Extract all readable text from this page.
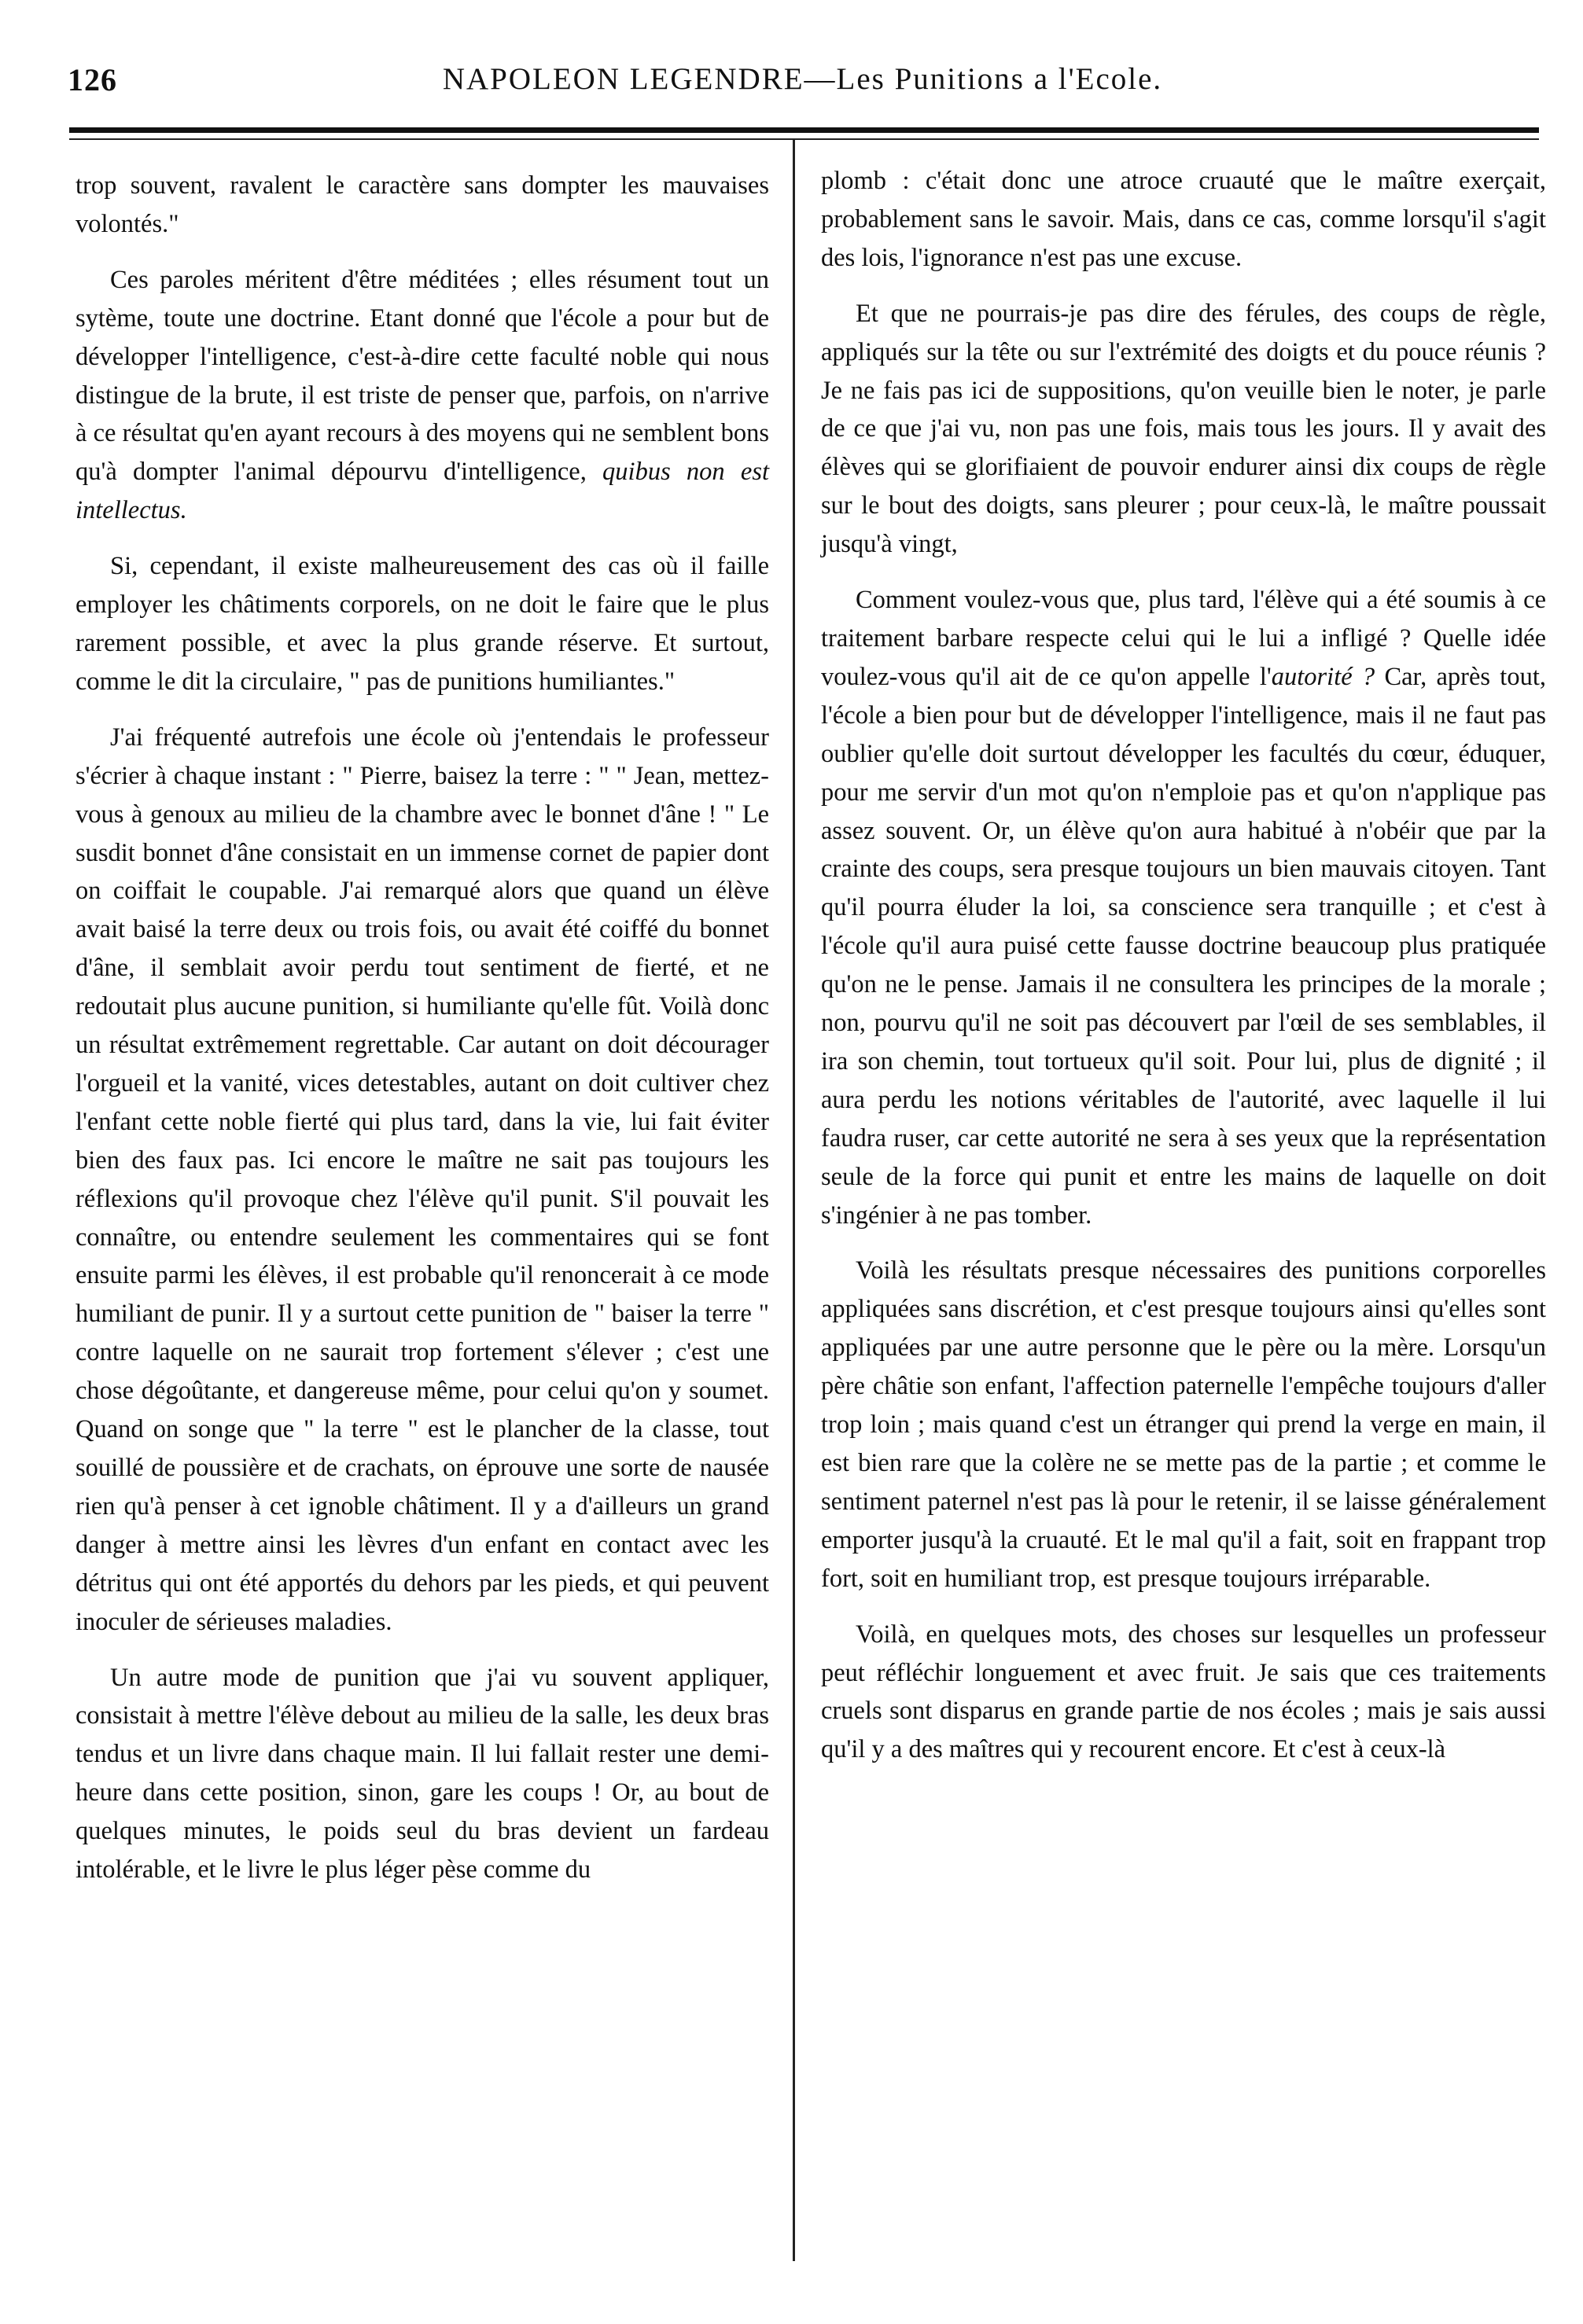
126	NAPOLEON LEGENDRE—Les Punitions a l'Ecole.

trop souvent, ravalent le caractère sans dompter les mauvaises volontés."

Ces paroles méritent d'être méditées ; elles résument tout un sytème, toute une doctrine. Etant donné que l'école a pour but de développer l'intelligence, c'est-à-dire cette faculté noble qui nous distingue de la brute, il est triste de penser que, parfois, on n'arrive à ce résultat qu'en ayant recours à des moyens qui ne semblent bons qu'à dompter l'animal dépourvu d'intelligence, quibus non est intellectus.

Si, cependant, il existe malheureusement des cas où il faille employer les châtiments corporels, on ne doit le faire que le plus rarement possible, et avec la plus grande réserve. Et surtout, comme le dit la circulaire, " pas de punitions humiliantes."

J'ai fréquenté autrefois une école où j'entendais le professeur s'écrier à chaque instant : " Pierre, baisez la terre : " " Jean, mettez-vous à genoux au milieu de la chambre avec le bonnet d'âne ! " Le susdit bonnet d'âne consistait en un immense cornet de papier dont on coiffait le coupable. J'ai remarqué alors que quand un élève avait baisé la terre deux ou trois fois, ou avait été coiffé du bonnet d'âne, il semblait avoir perdu tout sentiment de fierté, et ne redoutait plus aucune punition, si humiliante qu'elle fût. Voilà donc un résultat extrêmement regrettable. Car autant on doit décourager l'orgueil et la vanité, vices detestables, autant on doit cultiver chez l'enfant cette noble fierté qui plus tard, dans la vie, lui fait éviter bien des faux pas. Ici encore le maître ne sait pas toujours les réflexions qu'il provoque chez l'élève qu'il punit. S'il pouvait les connaître, ou entendre seulement les commentaires qui se font ensuite parmi les élèves, il est probable qu'il renoncerait à ce mode humiliant de punir. Il y a surtout cette punition de " baiser la terre " contre laquelle on ne saurait trop fortement s'élever ; c'est une chose dégoûtante, et dangereuse même, pour celui qu'on y soumet. Quand on songe que " la terre " est le plancher de la classe, tout souillé de poussière et de crachats, on éprouve une sorte de nausée rien qu'à penser à cet ignoble châtiment. Il y a d'ailleurs un grand danger à mettre ainsi les lèvres d'un enfant en contact avec les détritus qui ont été apportés du dehors par les pieds, et qui peuvent inoculer de sérieuses maladies.

Un autre mode de punition que j'ai vu souvent appliquer, consistait à mettre l'élève debout au milieu de la salle, les deux bras tendus et un livre dans chaque main. Il lui fallait rester une demi-heure dans cette position, sinon, gare les coups ! Or, au bout de quelques minutes, le poids seul du bras devient un fardeau intolérable, et le livre le plus léger pèse comme du

plomb : c'était donc une atroce cruauté que le maître exerçait, probablement sans le savoir. Mais, dans ce cas, comme lorsqu'il s'agit des lois, l'ignorance n'est pas une excuse.

Et que ne pourrais-je pas dire des férules, des coups de règle, appliqués sur la tête ou sur l'extrémité des doigts et du pouce réunis ? Je ne fais pas ici de suppositions, qu'on veuille bien le noter, je parle de ce que j'ai vu, non pas une fois, mais tous les jours. Il y avait des élèves qui se glorifiaient de pouvoir endurer ainsi dix coups de règle sur le bout des doigts, sans pleurer ; pour ceux-là, le maître poussait jusqu'à vingt,

Comment voulez-vous que, plus tard, l'élève qui a été soumis à ce traitement barbare respecte celui qui le lui a infligé ? Quelle idée voulez-vous qu'il ait de ce qu'on appelle l'autorité ? Car, après tout, l'école a bien pour but de développer l'intelligence, mais il ne faut pas oublier qu'elle doit surtout développer les facultés du cœur, éduquer, pour me servir d'un mot qu'on n'emploie pas et qu'on n'applique pas assez souvent. Or, un élève qu'on aura habitué à n'obéir que par la crainte des coups, sera presque toujours un bien mauvais citoyen. Tant qu'il pourra éluder la loi, sa conscience sera tranquille ; et c'est à l'école qu'il aura puisé cette fausse doctrine beaucoup plus pratiquée qu'on ne le pense. Jamais il ne consultera les principes de la morale ; non, pourvu qu'il ne soit pas découvert par l'œil de ses semblables, il ira son chemin, tout tortueux qu'il soit. Pour lui, plus de dignité ; il aura perdu les notions véritables de l'autorité, avec laquelle il lui faudra ruser, car cette autorité ne sera à ses yeux que la représentation seule de la force qui punit et entre les mains de laquelle on doit s'ingénier à ne pas tomber.

Voilà les résultats presque nécessaires des punitions corporelles appliquées sans discrétion, et c'est presque toujours ainsi qu'elles sont appliquées par une autre personne que le père ou la mère. Lorsqu'un père châtie son enfant, l'affection paternelle l'empêche toujours d'aller trop loin ; mais quand c'est un étranger qui prend la verge en main, il est bien rare que la colère ne se mette pas de la partie ; et comme le sentiment paternel n'est pas là pour le retenir, il se laisse généralement emporter jusqu'à la cruauté. Et le mal qu'il a fait, soit en frappant trop fort, soit en humiliant trop, est presque toujours irréparable.

Voilà, en quelques mots, des choses sur lesquelles un professeur peut réfléchir longuement et avec fruit. Je sais que ces traitements cruels sont disparus en grande partie de nos écoles ; mais je sais aussi qu'il y a des maîtres qui y recourent encore. Et c'est à ceux-là
